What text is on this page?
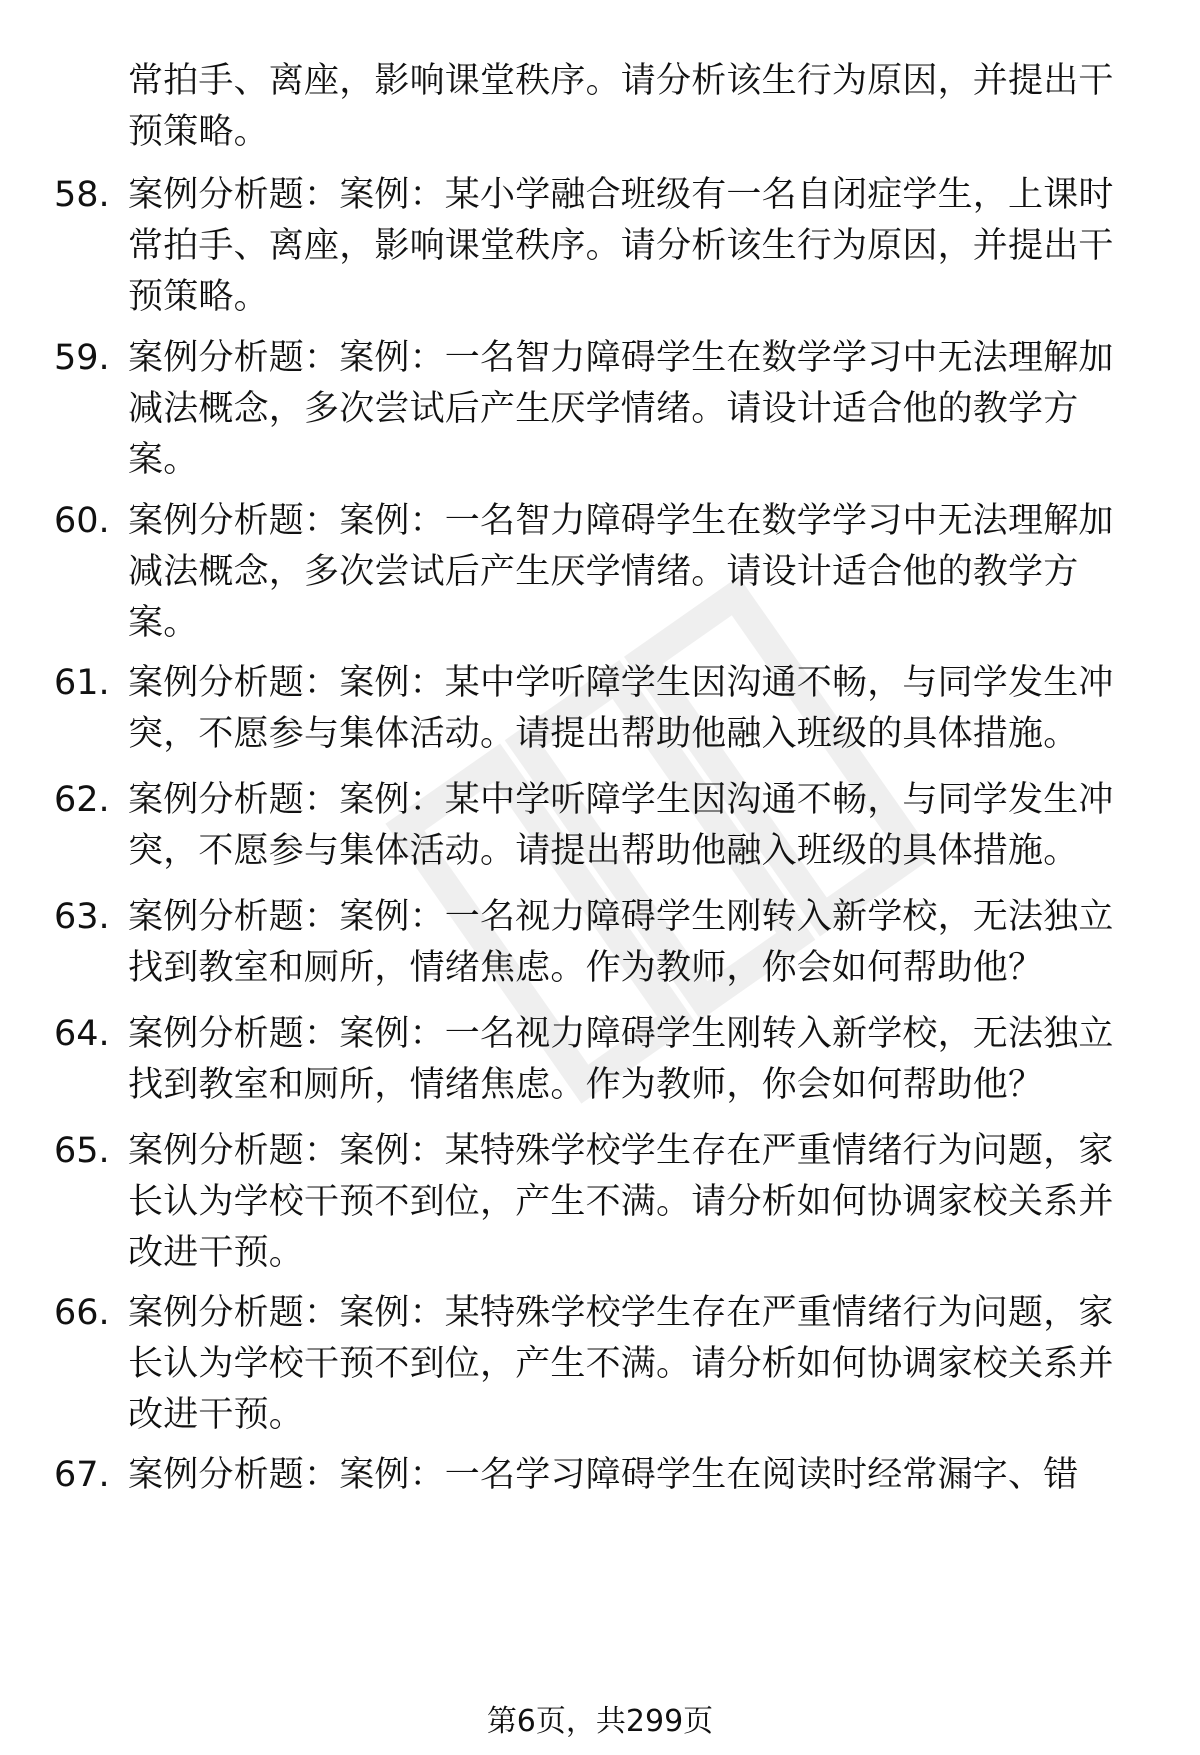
常拍手、离座，影响课堂秩序。请分析该生行为原因，并提出干
预策略。
58. 案例分析题：案例：某小学融合班级有一名自闭症学生，上课时
常拍手、离座，影响课堂秩序。请分析该生行为原因，并提出干
预策略。
59. 案例分析题：案例：一名智力障碍学生在数学学习中无法理解加
减法概念，多次尝试后产生厌学情绪。请设计适合他的教学方
案。
60. 案例分析题：案例：一名智力障碍学生在数学学习中无法理解加
减法概念，多次尝试后产生厌学情绪。请设计适合他的教学方
案。
61. 案例分析题：案例：某中学听障学生因沟通不畅，与同学发生冲
突，不愿参与集体活动。请提出帮助他融入班级的具体措施。
62. 案例分析题：案例：某中学听障学生因沟通不畅，与同学发生冲
突，不愿参与集体活动。请提出帮助他融入班级的具体措施。
63. 案例分析题：案例：一名视力障碍学生刚转入新学校，无法独立
找到教室和厕所，情绪焦虑。作为教师，你会如何帮助他？
64. 案例分析题：案例：一名视力障碍学生刚转入新学校，无法独立
找到教室和厕所，情绪焦虑。作为教师，你会如何帮助他？
65. 案例分析题：案例：某特殊学校学生存在严重情绪行为问题，家
长认为学校干预不到位，产生不满。请分析如何协调家校关系并
改进干预。
66. 案例分析题：案例：某特殊学校学生存在严重情绪行为问题，家
长认为学校干预不到位，产生不满。请分析如何协调家校关系并
改进干预。
67. 案例分析题：案例：一名学习障碍学生在阅读时经常漏字、错
第6页，共299页
